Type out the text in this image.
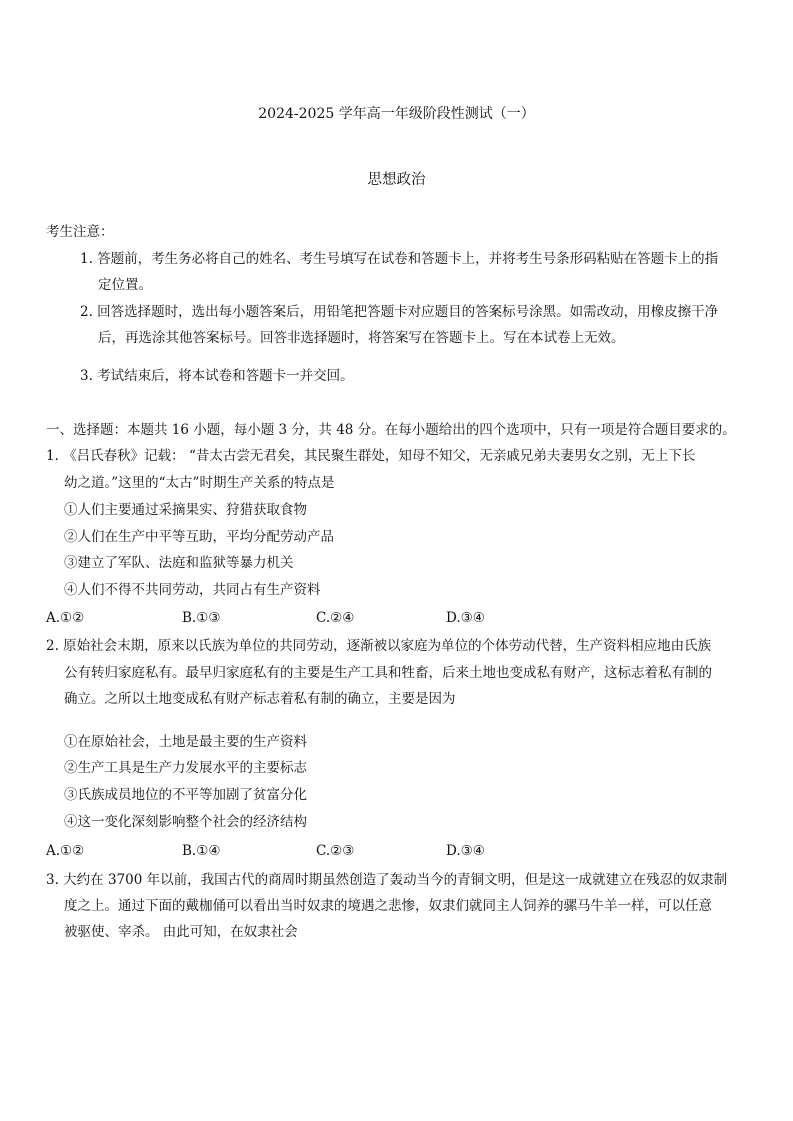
2024-2025 学年高一年级阶段性测试（一）
思想政治
考生注意：
1. 答题前，考生务必将自己的姓名、考生号填写在试卷和答题卡上，并将考生号条形码粘贴在答题卡上的指
定位置。
2. 回答选择题时，选出每小题答案后，用铅笔把答题卡对应题目的答案标号涂黑。如需改动，用橡皮擦干净
后，再选涂其他答案标号。回答非选择题时，将答案写在答题卡上。写在本试卷上无效。
3. 考试结束后，将本试卷和答题卡一并交回。
一、选择题：本题共 16 小题，每小题 3 分，共 48 分。在每小题给出的四个选项中，只有一项是符合题目要求的。
1. 《吕氏春秋》记载： “昔太古尝无君矣，其民聚生群处，知母不知父，无亲戚兄弟夫妻男女之别，无上下长
幼之道。”这里的“太古”时期生产关系的特点是
①人们主要通过采摘果实、狩猎获取食物
②人们在生产中平等互助，平均分配劳动产品
③建立了军队、法庭和监狱等暴力机关
④人们不得不共同劳动，共同占有生产资料
A.①②	B.①③	C.②④	D.③④
2. 原始社会末期，原来以氏族为单位的共同劳动，逐渐被以家庭为单位的个体劳动代替，生产资料相应地由氏族
公有转归家庭私有。最早归家庭私有的主要是生产工具和牲畜，后来土地也变成私有财产，这标志着私有制的
确立。之所以土地变成私有财产标志着私有制的确立，主要是因为
①在原始社会，土地是最主要的生产资料
②生产工具是生产力发展水平的主要标志
③氏族成员地位的不平等加剧了贫富分化
④这一变化深刻影响整个社会的经济结构
A.①②	B.①④	C.②③	D.③④
3. 大约在 3700 年以前，我国古代的商周时期虽然创造了轰动当今的青铜文明，但是这一成就建立在残忍的奴隶制
度之上。通过下面的戴枷俑可以看出当时奴隶的境遇之悲惨，奴隶们就同主人饲养的骡马牛羊一样，可以任意
被驱使、宰杀。 由此可知，在奴隶社会
